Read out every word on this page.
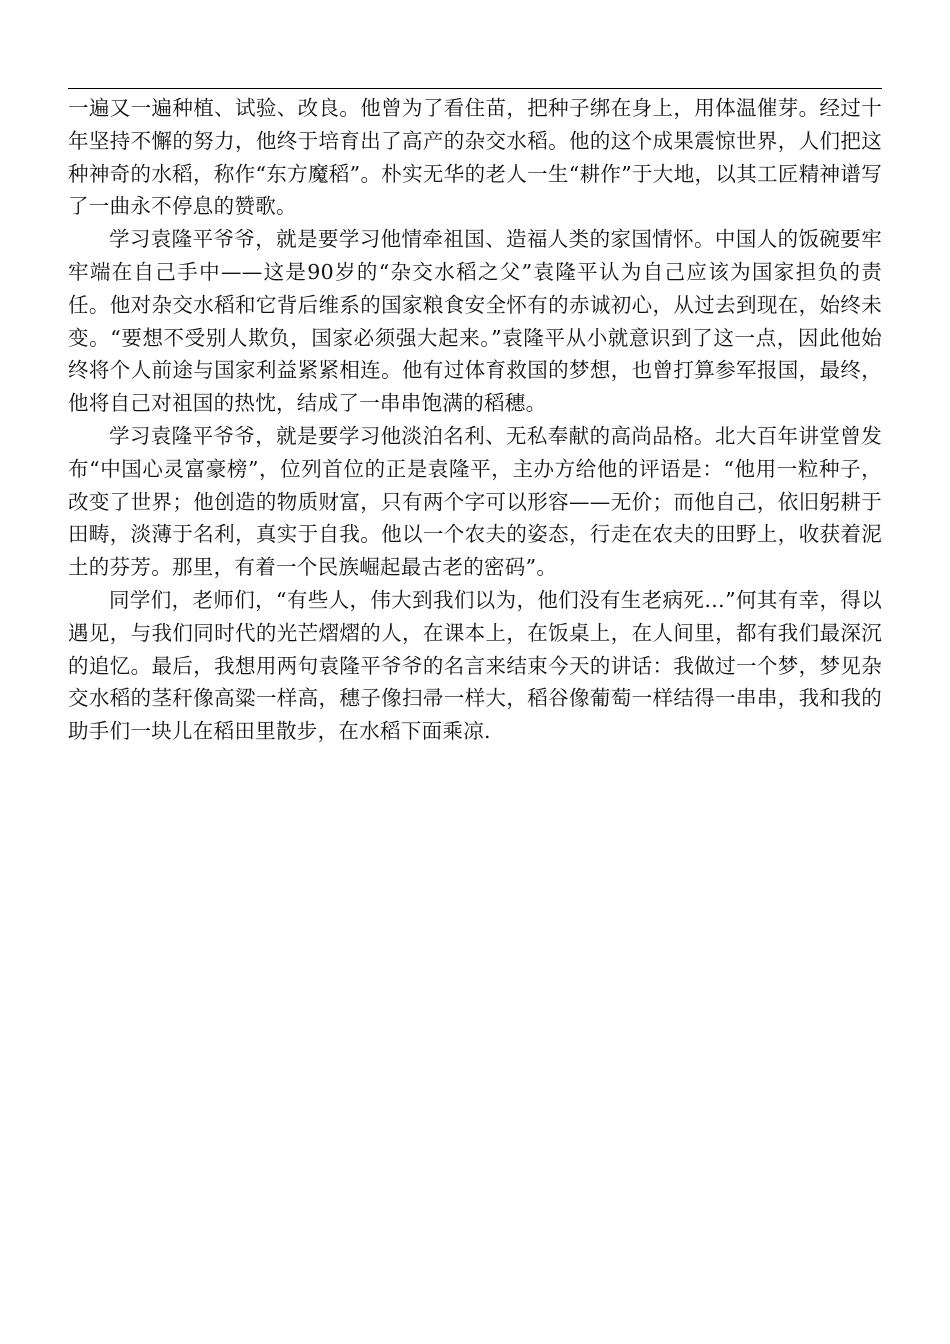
一遍又一遍种植、试验、改良。他曾为了看住苗，把种子绑在身上，用体温催芽。经过十年坚持不懈的努力，他终于培育出了高产的杂交水稻。他的这个成果震惊世界，人们把这种神奇的水稻，称作“东方魔稻”。朴实无华的老人一生“耕作”于大地，以其工匠精神谱写了一曲永不停息的赞歌。

学习袁隆平爷爷，就是要学习他情牵祖国、造福人类的家国情怀。中国人的饭碗要牢牢端在自己手中——这是90岁的“杂交水稻之父”袁隆平认为自己应该为国家担负的责任。他对杂交水稻和它背后维系的国家粮食安全怀有的赤诚初心，从过去到现在，始终未变。“要想不受别人欺负，国家必须强大起来。”袁隆平从小就意识到了这一点，因此他始终将个人前途与国家利益紧紧相连。他有过体育救国的梦想，也曾打算参军报国，最终，他将自己对祖国的热忱，结成了一串串饱满的稻穗。

学习袁隆平爷爷，就是要学习他淡泊名利、无私奉献的高尚品格。北大百年讲堂曾发布“中国心灵富豪榜”，位列首位的正是袁隆平，主办方给他的评语是：“他用一粒种子，改变了世界；他创造的物质财富，只有两个字可以形容——无价；而他自己，依旧躬耕于田畴，淡薄于名利，真实于自我。他以一个农夫的姿态，行走在农夫的田野上，收获着泥土的芬芳。那里，有着一个民族崛起最古老的密码”。

同学们，老师们，“有些人，伟大到我们以为，他们没有生老病死…”何其有幸，得以遇见，与我们同时代的光芒熠熠的人，在课本上，在饭桌上，在人间里，都有我们最深沉的追忆。最后，我想用两句袁隆平爷爷的名言来结束今天的讲话：我做过一个梦，梦见杂交水稻的茎秆像高粱一样高，穗子像扫帚一样大，稻谷像葡萄一样结得一串串，我和我的助手们一块儿在稻田里散步，在水稻下面乘凉.
